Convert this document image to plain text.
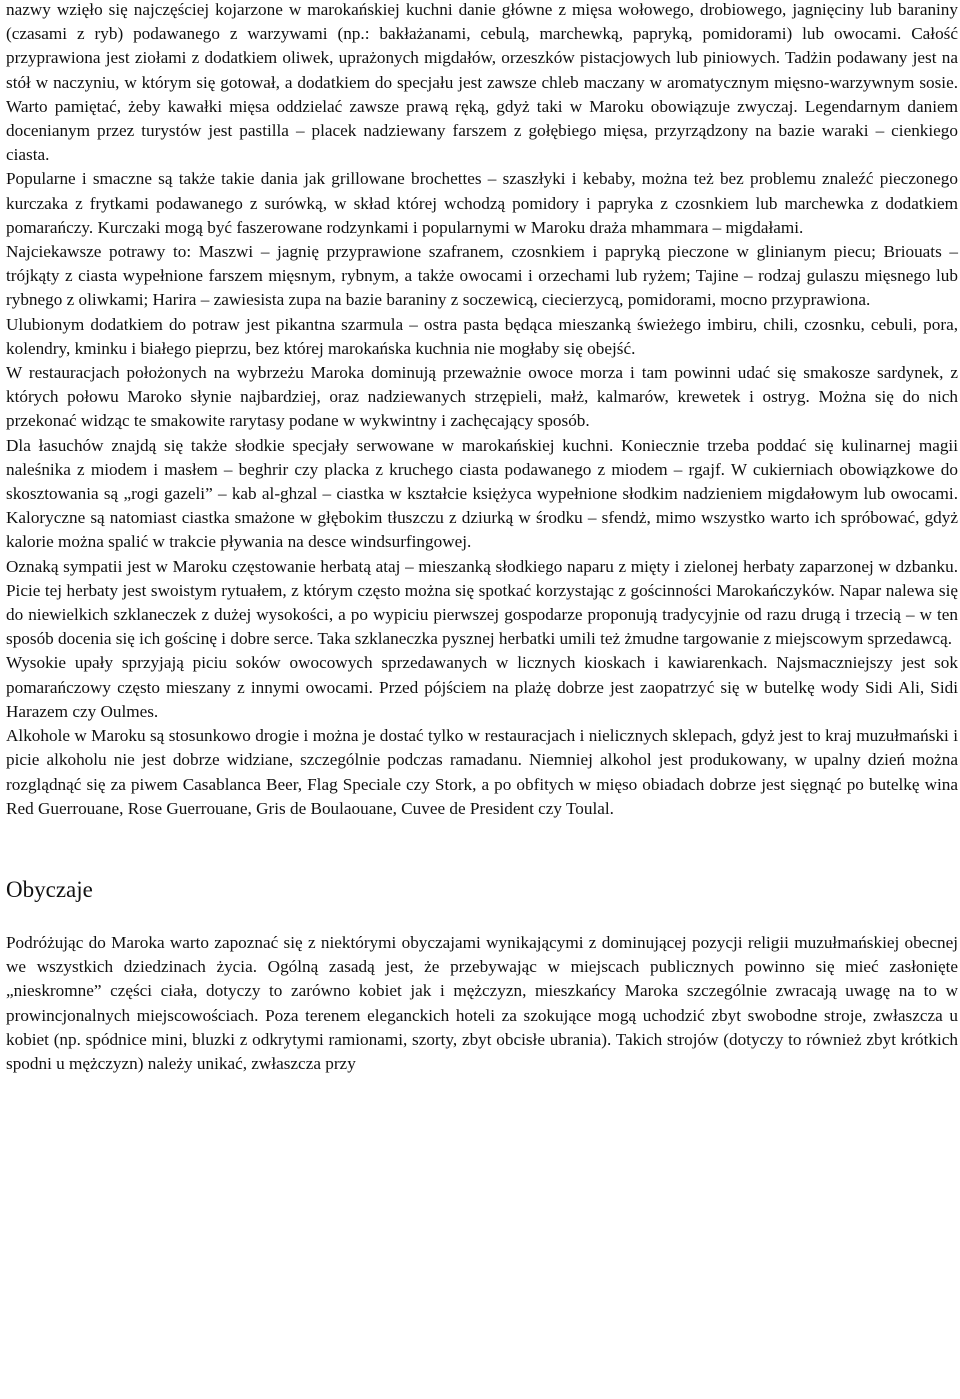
nazwy wzięło się najczęściej kojarzone w marokańskiej kuchni danie główne z mięsa wołowego, drobiowego, jagnięciny lub baraniny (czasami z ryb) podawanego z warzywami (np.: bakłażanami, cebulą, marchewką, papryką, pomidorami) lub owocami. Całość przyprawiona jest ziołami z dodatkiem oliwek, uprażonych migdałów, orzeszków pistacjowych lub piniowych. Tadżin podawany jest na stół w naczyniu, w którym się gotował, a dodatkiem do specjału jest zawsze chleb maczany w aromatycznym mięsno-warzywnym sosie. Warto pamiętać, żeby kawałki mięsa oddzielać zawsze prawą ręką, gdyż taki w Maroku obowiązuje zwyczaj. Legendarnym daniem docenianym przez turystów jest pastilla – placek nadziewany farszem z gołębiego mięsa, przyrządzony na bazie waraki – cienkiego ciasta.

Popularne i smaczne są także takie dania jak grillowane brochettes – szaszłyki i kebaby, można też bez problemu znaleźć pieczonego kurczaka z frytkami podawanego z surówką, w skład której wchodzą pomidory i papryka z czosnkiem lub marchewka z dodatkiem pomarańczy. Kurczaki mogą być faszerowane rodzynkami i popularnymi w Maroku drażа mhammara – migdałami.

Najciekawsze potrawy to: Maszwi – jagnię przyprawione szafranem, czosnkiem i papryką pieczone w glinianym piecu; Briouats – trójkąty z ciasta wypełnione farszem mięsnym, rybnym, a także owocami i orzechami lub ryżem; Tajine – rodzaj gulaszu mięsnego lub rybnego z oliwkami; Harira – zawiesista zupa na bazie baraniny z soczewicą, ciecierzycą, pomidorami, mocno przyprawiona.

Ulubionym dodatkiem do potraw jest pikantna szarmula – ostra pasta będąca mieszanką świeżego imbiru, chili, czosnku, cebuli, pora, kolendry, kminku i białego pieprzu, bez której marokańska kuchnia nie mogłaby się obejść.

W restauracjach położonych na wybrzeżu Maroka dominują przeważnie owoce morza i tam powinni udać się smakosze sardynek, z których połowu Maroko słynie najbardziej, oraz nadziewanych strzępieli, małż, kalmarów, krewetek i ostryg. Można się do nich przekonać widząc te smakowite rarytasy podane w wykwintny i zachęcający sposób.

Dla łasuchów znajdą się także słodkie specjały serwowane w marokańskiej kuchni. Koniecznie trzeba poddać się kulinarnej magii naleśnika z miodem i masłem – beghrir czy placka z kruchego ciasta podawanego z miodem – rgajf. W cukierniach obowiązkowe do skosztowania są „rogi gazeli” – kab al-ghzal – ciastka w kształcie księżyca wypełnione słodkim nadzieniem migdałowym lub owocami. Kaloryczne są natomiast ciastka smażone w głębokim tłuszczu z dziurką w środku – sfendż, mimo wszystko warto ich spróbować, gdyż kalorie można spalić w trakcie pływania na desce windsurfingowej.

Oznaką sympatii jest w Maroku częstowanie herbatą ataj – mieszanką słodkiego naparu z mięty i zielonej herbaty zaparzonej w dzbanku. Picie tej herbaty jest swoistym rytuałem, z którym często można się spotkać korzystając z gościnności Marokańczyków. Napar nalewa się do niewielkich szklaneczek z dużej wysokości, a po wypiciu pierwszej gospodarze proponują tradycyjnie od razu drugą i trzecią – w ten sposób docenia się ich gościnę i dobre serce. Taka szklaneczka pysznej herbatki umili też żmudne targowanie z miejscowym sprzedawcą.

Wysokie upały sprzyjają piciu soków owocowych sprzedawanych w licznych kioskach i kawiarenkach. Najsmaczniejszy jest sok pomarańczowy często mieszany z innymi owocami. Przed pójściem na plażę dobrze jest zaopatrzyć się w butelkę wody Sidi Ali, Sidi Harazem czy Oulmes.

Alkohole w Maroku są stosunkowo drogie i można je dostać tylko w restauracjach i nielicznych sklepach, gdyż jest to kraj muzułmański i picie alkoholu nie jest dobrze widziane, szczególnie podczas ramadanu. Niemniej alkohol jest produkowany, w upalny dzień można rozglądnąć się za piwem Casablanca Beer, Flag Speciale czy Stork, a po obfitych w mięso obiadach dobrze jest sięgnąć po butelkę wina Red Guerrouane, Rose Guerrouane, Gris de Boulaouane, Cuvee de President czy Toulal.

Obyczaje

Podróżując do Maroka warto zapoznać się z niektórymi obyczajami wynikającymi z dominującej pozycji religii muzułmańskiej obecnej we wszystkich dziedzinach życia. Ogólną zasadą jest, że przebywając w miejscach publicznych powinno się mieć zasłonięte „nieskromne” części ciała, dotyczy to zarówno kobiet jak i mężczyzn, mieszkańcy Maroka szczególnie zwracają uwagę na to w prowincjonalnych miejscowościach. Poza terenem eleganckich hoteli za szokujące mogą uchodzić zbyt swobodne stroje, zwłaszcza u kobiet (np. spódnice mini, bluzki z odkrytymi ramionami, szorty, zbyt obcisłe ubrania). Takich strojów (dotyczy to również zbyt krótkich spodni u mężczyzn) należy unikać, zwłaszcza przy
